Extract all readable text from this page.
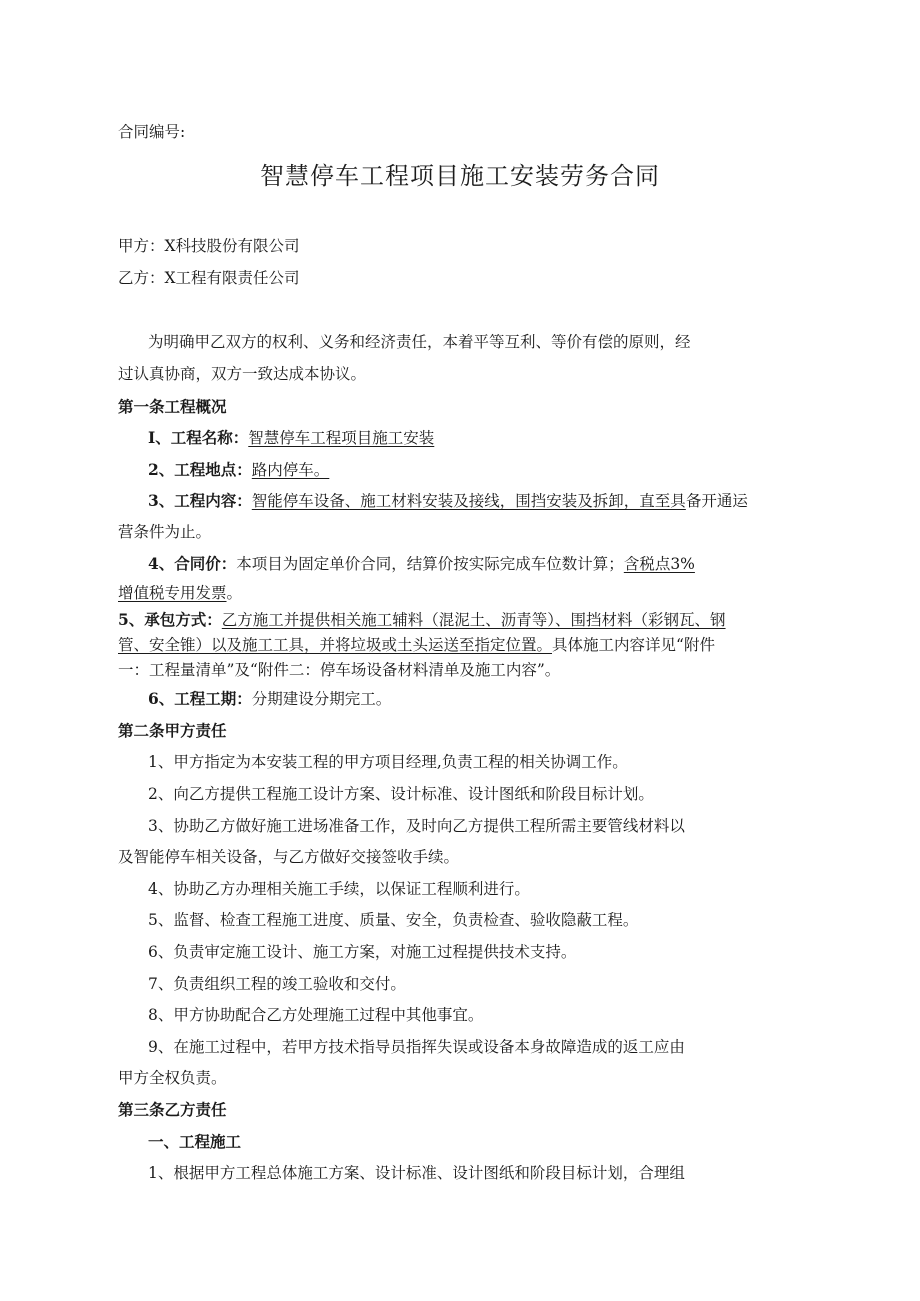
合同编号:
智慧停车工程项目施工安装劳务合同
甲方：X科技股份有限公司
乙方：X工程有限责任公司
为明确甲乙双方的权利、义务和经济责任，本着平等互利、等价有偿的原则，经
过认真协商，双方一致达成本协议。
第一条工程概况
I、工程名称：智慧停车工程项目施工安装
2、工程地点：路内停车。
3、工程内容：智能停车设备、施工材料安装及接线，围挡安装及拆卸，直至具备开通运
营条件为止。
4、合同价：本项目为固定单价合同，结算价按实际完成车位数计算；含税点3%
增值税专用发票。
5、承包方式：乙方施工并提供相关施工辅料（混泥土、沥青等）、围挡材料（彩钢瓦、钢
管、安全锥）以及施工工具，并将垃圾或土头运送至指定位置。具体施工内容详见“附件
一：工程量清单”及“附件二：停车场设备材料清单及施工内容”。
6、工程工期：分期建设分期完工。
第二条甲方责任
1、甲方指定为本安装工程的甲方项目经理,负责工程的相关协调工作。
2、向乙方提供工程施工设计方案、设计标准、设计图纸和阶段目标计划。
3、协助乙方做好施工进场准备工作，及时向乙方提供工程所需主要管线材料以
及智能停车相关设备，与乙方做好交接签收手续。
4、协助乙方办理相关施工手续，以保证工程顺利进行。
5、监督、检查工程施工进度、质量、安全，负责检查、验收隐蔽工程。
6、负责审定施工设计、施工方案，对施工过程提供技术支持。
7、负责组织工程的竣工验收和交付。
8、甲方协助配合乙方处理施工过程中其他事宜。
9、在施工过程中，若甲方技术指导员指挥失误或设备本身故障造成的返工应由
甲方全权负责。
第三条乙方责任
一、工程施工
1、根据甲方工程总体施工方案、设计标准、设计图纸和阶段目标计划，合理组
